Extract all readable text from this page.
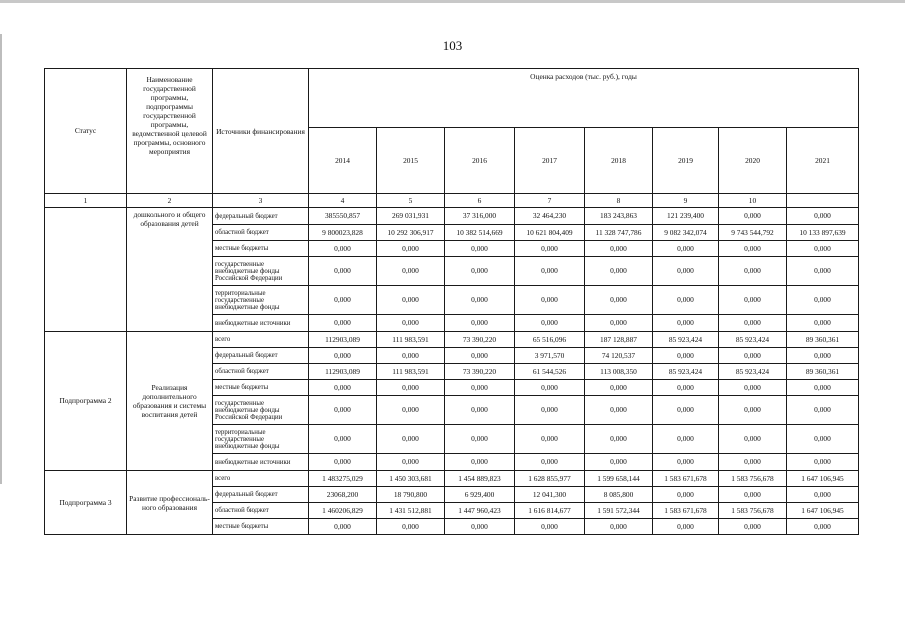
103
Статус	Наименование государственной программы, подпрограммы государственной программы, ведомственной целевой программы, основного мероприятия	Источники финансирования	Оценка расходов (тыс. руб.), годы							
			2014	2015	2016	2017	2018	2019	2020	2021
1	2	3	4	5	6	7	8	9	10	
	дошкольного и общего образования детей	федеральный бюджет	385550,857	269 031,931	37 316,000	32 464,230	183 243,863	121 239,400	0,000	0,000
		областной бюджет	9 800023,828	10 292 306,917	10 382 514,669	10 621 804,409	11 328 747,786	9 082 342,074	9 743 544,792	10 133 897,639
		местные бюджеты	0,000	0,000	0,000	0,000	0,000	0,000	0,000	0,000
		государственные внебюджетные фонды Российской Федерации	0,000	0,000	0,000	0,000	0,000	0,000	0,000	0,000
		территориальные государственные внебюджетные фонды	0,000	0,000	0,000	0,000	0,000	0,000	0,000	0,000
		внебюджетные источники	0,000	0,000	0,000	0,000	0,000	0,000	0,000	0,000
Подпрограмма 2	Реализация дополнительного образования и системы воспитания детей	всего	112903,089	111 983,591	73 390,220	65 516,096	187 128,887	85 923,424	85 923,424	89 360,361
		федеральный бюджет	0,000	0,000	0,000	3 971,570	74 120,537	0,000	0,000	0,000
		областной бюджет	112903,089	111 983,591	73 390,220	61 544,526	113 008,350	85 923,424	85 923,424	89 360,361
		местные бюджеты	0,000	0,000	0,000	0,000	0,000	0,000	0,000	0,000
		государственные внебюджетные фонды Российской Федерации	0,000	0,000	0,000	0,000	0,000	0,000	0,000	0,000
		территориальные государственные внебюджетные фонды	0,000	0,000	0,000	0,000	0,000	0,000	0,000	0,000
		внебюджетные источники	0,000	0,000	0,000	0,000	0,000	0,000	0,000	0,000
Подпрограмма 3	Развитие профессиональ-ного образования	всего	1 483275,029	1 450 303,681	1 454 889,823	1 628 855,977	1 599 658,144	1 583 671,678	1 583 756,678	1 647 106,945
		федеральный бюджет	23068,200	18 790,800	6 929,400	12 041,300	8 085,800	0,000	0,000	0,000
		областной бюджет	1 460206,829	1 431 512,881	1 447 960,423	1 616 814,677	1 591 572,344	1 583 671,678	1 583 756,678	1 647 106,945
		местные бюджеты	0,000	0,000	0,000	0,000	0,000	0,000	0,000	0,000
